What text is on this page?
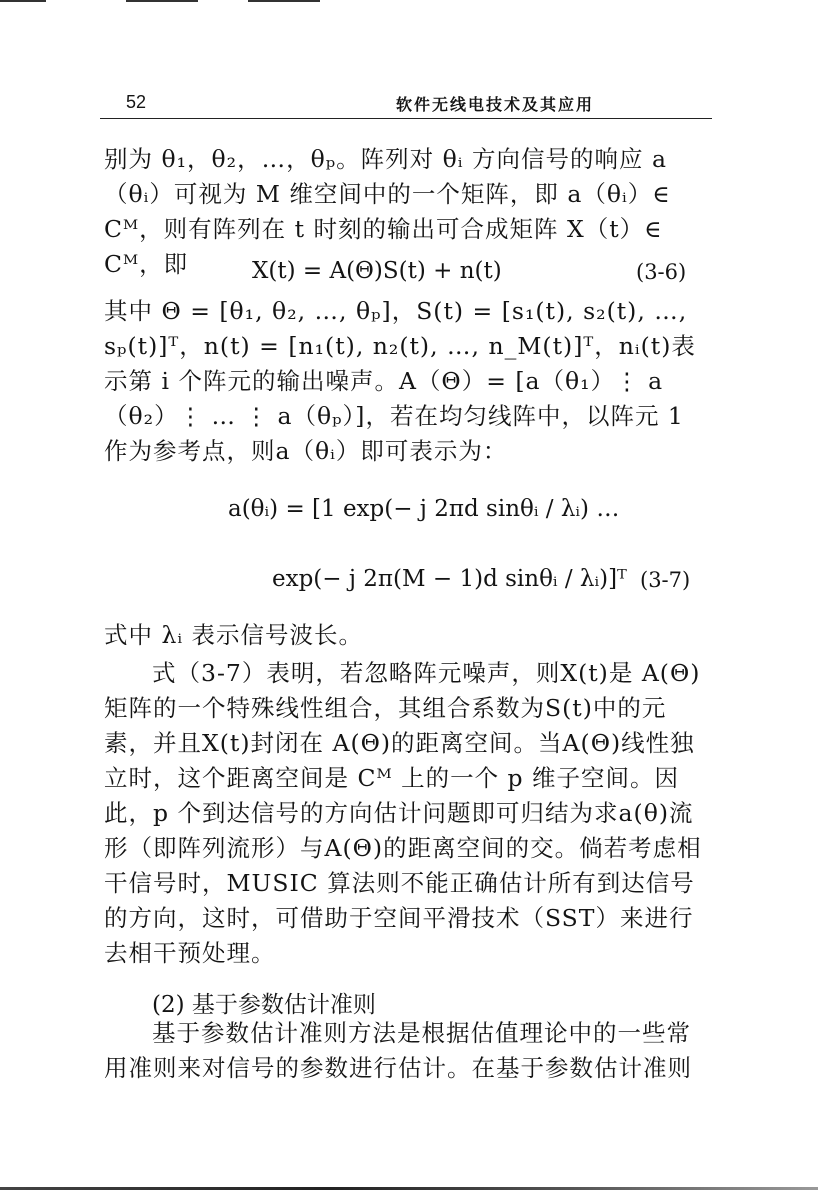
52	软件无线电技术及其应用

别为 θ₁，θ₂，…，θₚ。阵列对 θᵢ 方向信号的响应 a（θᵢ）可视为 M 维空间中的一个矩阵，即 a（θᵢ）∈ Cᴹ，则有阵列在 t 时刻的输出可合成矩阵 X（t）∈ Cᴹ，即	X(t) = A(Θ)S(t) + n(t)	(3-6)

其中 Θ = [θ₁, θ₂, …, θₚ]，S(t) = [s₁(t), s₂(t), …, sₚ(t)]ᵀ，n(t) = [n₁(t), n₂(t), …, n_M(t)]ᵀ，nᵢ(t)表示第 i 个阵元的输出噪声。A（Θ）= [a（θ₁）⋮ a（θ₂）⋮ … ⋮ a（θₚ）]，若在均匀线阵中，以阵元 1 作为参考点，则a（θᵢ）即可表示为：

a(θᵢ) = [1 exp(− j 2πd sinθᵢ / λᵢ) …
exp(− j 2π(M − 1)d sinθᵢ / λᵢ)]ᵀ (3-7)

式中 λᵢ 表示信号波长。

式（3-7）表明，若忽略阵元噪声，则X(t)是 A(Θ)矩阵的一个特殊线性组合，其组合系数为S(t)中的元素，并且X(t)封闭在 A(Θ)的距离空间。当A(Θ)线性独立时，这个距离空间是 Cᴹ 上的一个 p 维子空间。因此，p 个到达信号的方向估计问题即可归结为求a(θ)流形（即阵列流形）与A(Θ)的距离空间的交。倘若考虑相干信号时，MUSIC 算法则不能正确估计所有到达信号的方向，这时，可借助于空间平滑技术（SST）来进行去相干预处理。

(2) 基于参数估计准则

基于参数估计准则方法是根据估值理论中的一些常用准则来对信号的参数进行估计。在基于参数估计准则
